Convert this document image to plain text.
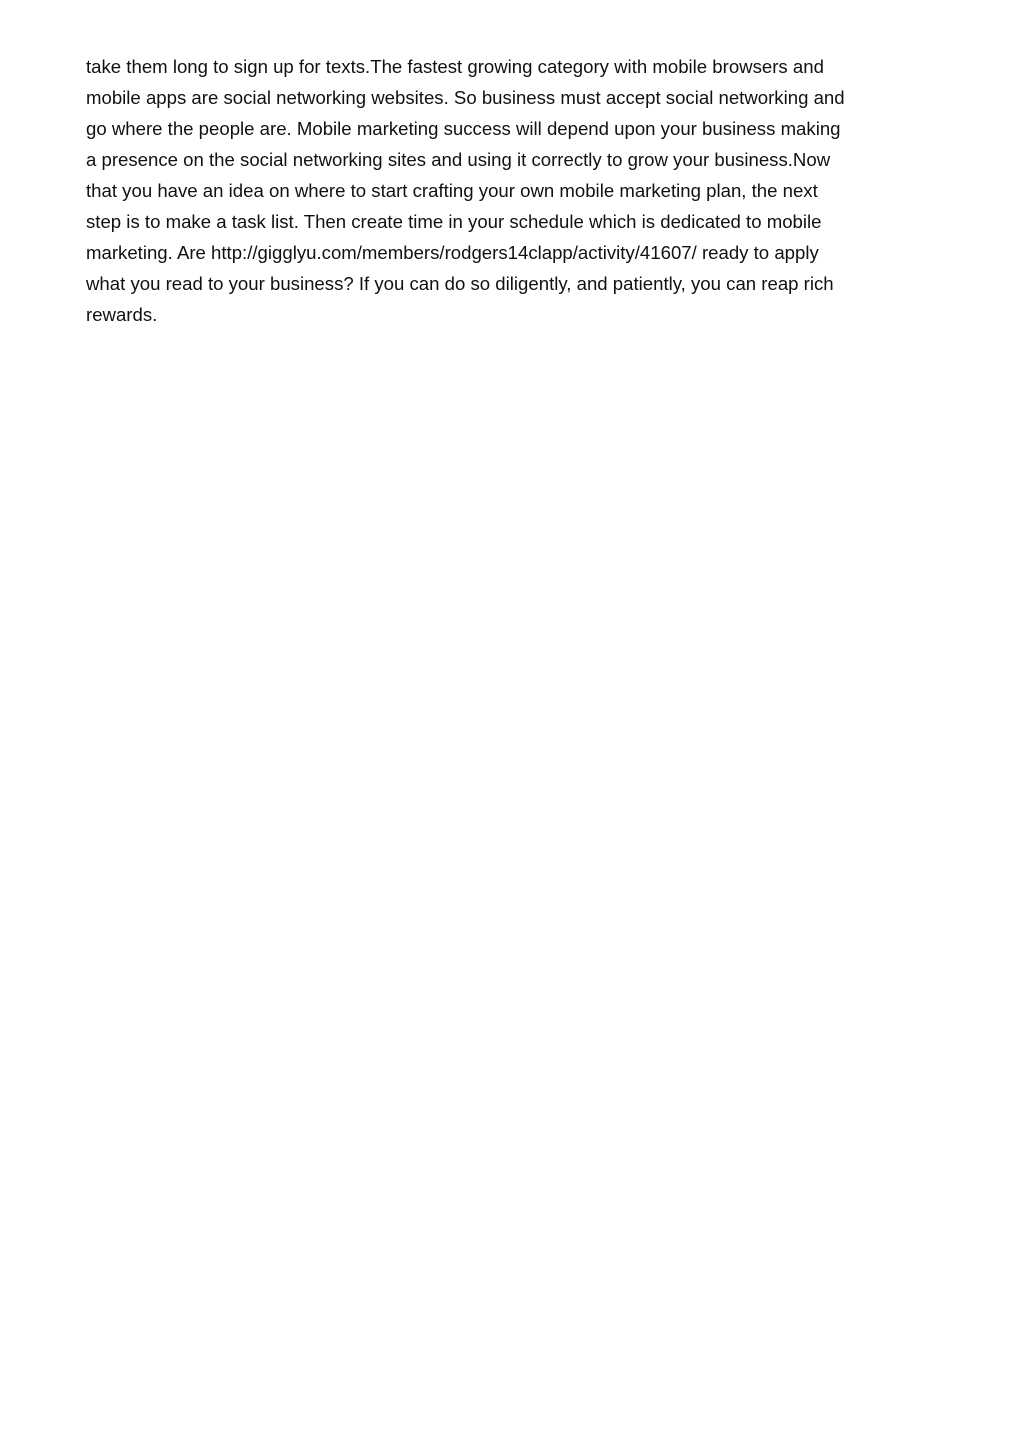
take them long to sign up for texts.The fastest growing category with mobile browsers and
mobile apps are social networking websites. So business must accept social networking and
go where the people are. Mobile marketing success will depend upon your business making
a presence on the social networking sites and using it correctly to grow your business.Now
that you have an idea on where to start crafting your own mobile marketing plan, the next
step is to make a task list. Then create time in your schedule which is dedicated to mobile
marketing. Are http://gigglyu.com/members/rodgers14clapp/activity/41607/ ready to apply
what you read to your business? If you can do so diligently, and patiently, you can reap rich
rewards.
